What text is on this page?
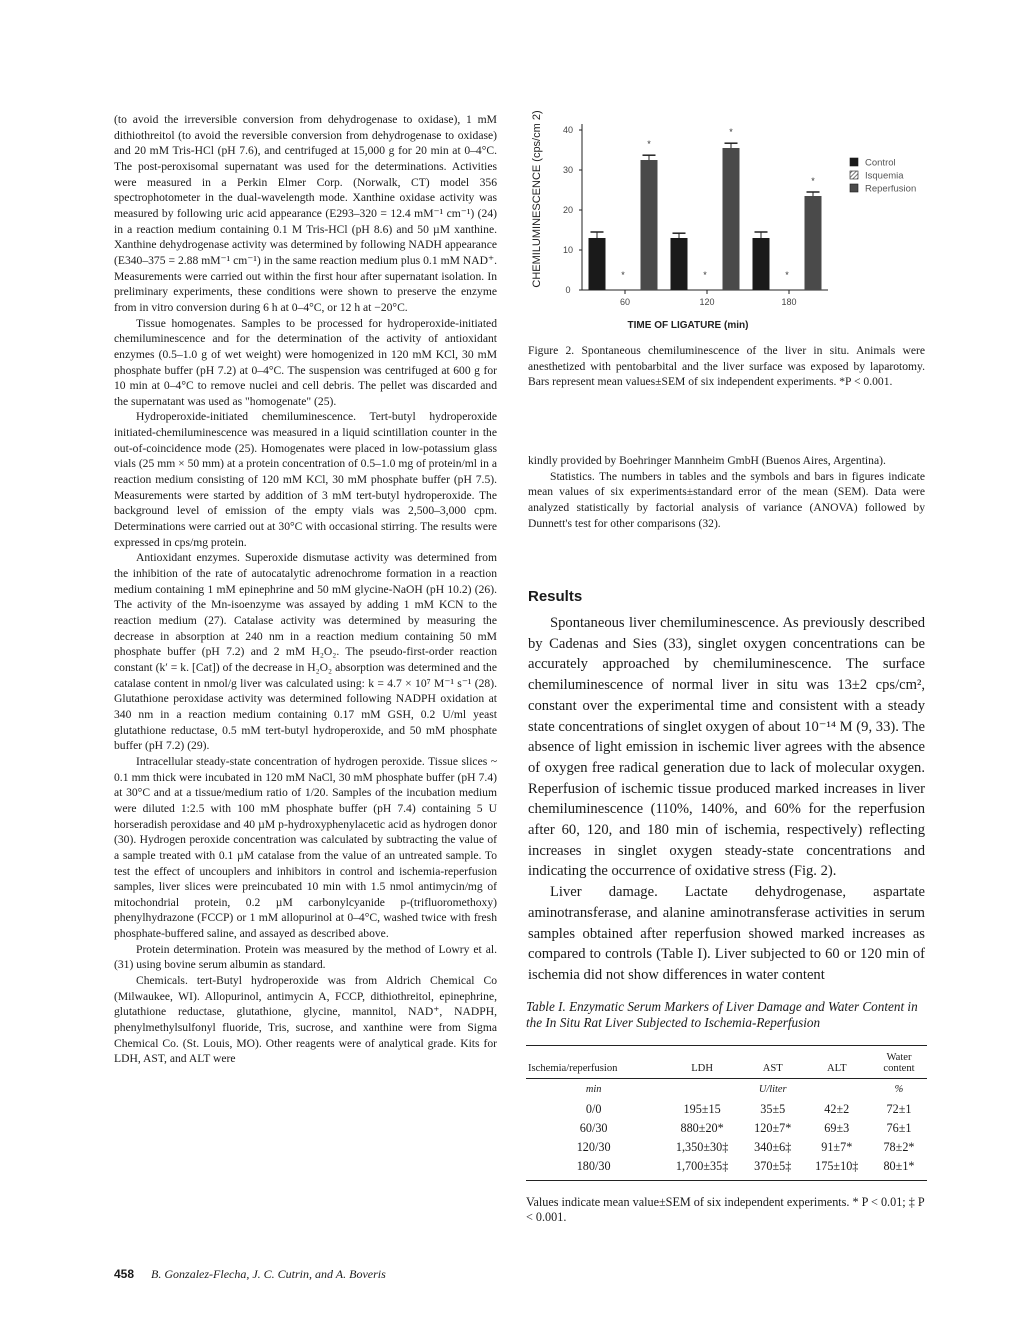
(to avoid the irreversible conversion from dehydrogenase to oxidase), 1 mM dithiothreitol (to avoid the reversible conversion from dehydrogenase to oxidase) and 20 mM Tris-HCl (pH 7.6), and centrifuged at 15,000 g for 20 min at 0–4°C. The post-peroxisomal supernatant was used for the determinations. Activities were measured in a Perkin Elmer Corp. (Norwalk, CT) model 356 spectrophotometer in the dual-wavelength mode. Xanthine oxidase activity was measured by following uric acid appearance (E293–320 = 12.4 mM⁻¹ cm⁻¹) (24) in a reaction medium containing 0.1 M Tris-HCl (pH 8.6) and 50 µM xanthine. Xanthine dehydrogenase activity was determined by following NADH appearance (E340–375 = 2.88 mM⁻¹ cm⁻¹) in the same reaction medium plus 0.1 mM NAD⁺. Measurements were carried out within the first hour after supernatant isolation. In preliminary experiments, these conditions were shown to preserve the enzyme from in vitro conversion during 6 h at 0–4°C, or 12 h at −20°C.

Tissue homogenates. Samples to be processed for hydroperoxide-initiated chemiluminescence and for the determination of the activity of antioxidant enzymes (0.5–1.0 g of wet weight) were homogenized in 120 mM KCl, 30 mM phosphate buffer (pH 7.2) at 0–4°C. The suspension was centrifuged at 600 g for 10 min at 0–4°C to remove nuclei and cell debris. The pellet was discarded and the supernatant was used as "homogenate" (25).

Hydroperoxide-initiated chemiluminescence. Tert-butyl hydroperoxide initiated-chemiluminescence was measured in a liquid scintillation counter in the out-of-coincidence mode (25). Homogenates were placed in low-potassium glass vials (25 mm × 50 mm) at a protein concentration of 0.5–1.0 mg of protein/ml in a reaction medium consisting of 120 mM KCl, 30 mM phosphate buffer (pH 7.5). Measurements were started by addition of 3 mM tert-butyl hydroperoxide. The background level of emission of the empty vials was 2,500–3,000 cpm. Determinations were carried out at 30°C with occasional stirring. The results were expressed in cps/mg protein.

Antioxidant enzymes. Superoxide dismutase activity was determined from the inhibition of the rate of autocatalytic adrenochrome formation in a reaction medium containing 1 mM epinephrine and 50 mM glycine-NaOH (pH 10.2) (26). The activity of the Mn-isoenzyme was assayed by adding 1 mM KCN to the reaction medium (27). Catalase activity was determined by measuring the decrease in absorption at 240 nm in a reaction medium containing 50 mM phosphate buffer (pH 7.2) and 2 mM H₂O₂. The pseudo-first-order reaction constant (k′ = k. [Cat]) of the decrease in H₂O₂ absorption was determined and the catalase content in nmol/g liver was calculated using: k = 4.7 × 10⁷ M⁻¹ s⁻¹ (28). Glutathione peroxidase activity was determined following NADPH oxidation at 340 nm in a reaction medium containing 0.17 mM GSH, 0.2 U/ml yeast glutathione reductase, 0.5 mM tert-butyl hydroperoxide, and 50 mM phosphate buffer (pH 7.2) (29).

Intracellular steady-state concentration of hydrogen peroxide. Tissue slices ~ 0.1 mm thick were incubated in 120 mM NaCl, 30 mM phosphate buffer (pH 7.4) at 30°C and at a tissue/medium ratio of 1/20. Samples of the incubation medium were diluted 1:2.5 with 100 mM phosphate buffer (pH 7.4) containing 5 U horseradish peroxidase and 40 µM p-hydroxyphenylacetic acid as hydrogen donor (30). Hydrogen peroxide concentration was calculated by subtracting the value of a sample treated with 0.1 µM catalase from the value of an untreated sample. To test the effect of uncouplers and inhibitors in control and ischemia-reperfusion samples, liver slices were preincubated 10 min with 1.5 nmol antimycin/mg of mitochondrial protein, 0.2 µM carbonylcyanide p-(trifluoromethoxy) phenylhydrazone (FCCP) or 1 mM allopurinol at 0–4°C, washed twice with fresh phosphate-buffered saline, and assayed as described above.

Protein determination. Protein was measured by the method of Lowry et al. (31) using bovine serum albumin as standard.

Chemicals. tert-Butyl hydroperoxide was from Aldrich Chemical Co (Milwaukee, WI). Allopurinol, antimycin A, FCCP, dithiothreitol, epinephrine, glutathione reductase, glutathione, glycine, mannitol, NAD⁺, NADPH, phenylmethylsulfonyl fluoride, Tris, sucrose, and xanthine were from Sigma Chemical Co. (St. Louis, MO). Other reagents were of analytical grade. Kits for LDH, AST, and ALT were

0
10
20
30
40
60	120	180
*
*
*
*
*
*
Control
Isquemia
Reperfusion
CHEMILUMINESCENCE (cps/cm 2)
TIME OF LIGATURE (min)
Figure 2. Spontaneous chemiluminescence of the liver in situ. Animals were anesthetized with pentobarbital and the liver surface was exposed by laparotomy. Bars represent mean values±SEM of six independent experiments. *P < 0.001.

kindly provided by Boehringer Mannheim GmbH (Buenos Aires, Argentina).

Statistics. The numbers in tables and the symbols and bars in figures indicate mean values of six experiments±standard error of the mean (SEM). Data were analyzed statistically by factorial analysis of variance (ANOVA) followed by Dunnett's test for other comparisons (32).

Results

Spontaneous liver chemiluminescence. As previously described by Cadenas and Sies (33), singlet oxygen concentrations can be accurately approached by chemiluminescence. The surface chemiluminescence of normal liver in situ was 13±2 cps/cm², constant over the experimental time and consistent with a steady state concentrations of singlet oxygen of about 10⁻¹⁴ M (9, 33). The absence of light emission in ischemic liver agrees with the absence of oxygen free radical generation due to lack of molecular oxygen. Reperfusion of ischemic tissue produced marked increases in liver chemiluminescence (110%, 140%, and 60% for the reperfusion after 60, 120, and 180 min of ischemia, respectively) reflecting increases in singlet oxygen steady-state concentrations and indicating the occurrence of oxidative stress (Fig. 2).

Liver damage. Lactate dehydrogenase, aspartate aminotransferase, and alanine aminotransferase activities in serum samples obtained after reperfusion showed marked increases as compared to controls (Table I). Liver subjected to 60 or 120 min of ischemia did not show differences in water content

Table I. Enzymatic Serum Markers of Liver Damage and Water Content in the In Situ Rat Liver Subjected to Ischemia-Reperfusion
Ischemia/reperfusion	LDH	AST	ALT	Water content
min		U/liter		%
0/0	195±15	35±5	42±2	72±1
60/30	880±20*	120±7*	69±3	76±1
120/30	1,350±30‡	340±6‡	91±7*	78±2*
180/30	1,700±35‡	370±5‡	175±10‡	80±1*
Values indicate mean value±SEM of six independent experiments. * P < 0.01; ‡ P < 0.001.
458 B. Gonzalez-Flecha, J. C. Cutrin, and A. Boveris
